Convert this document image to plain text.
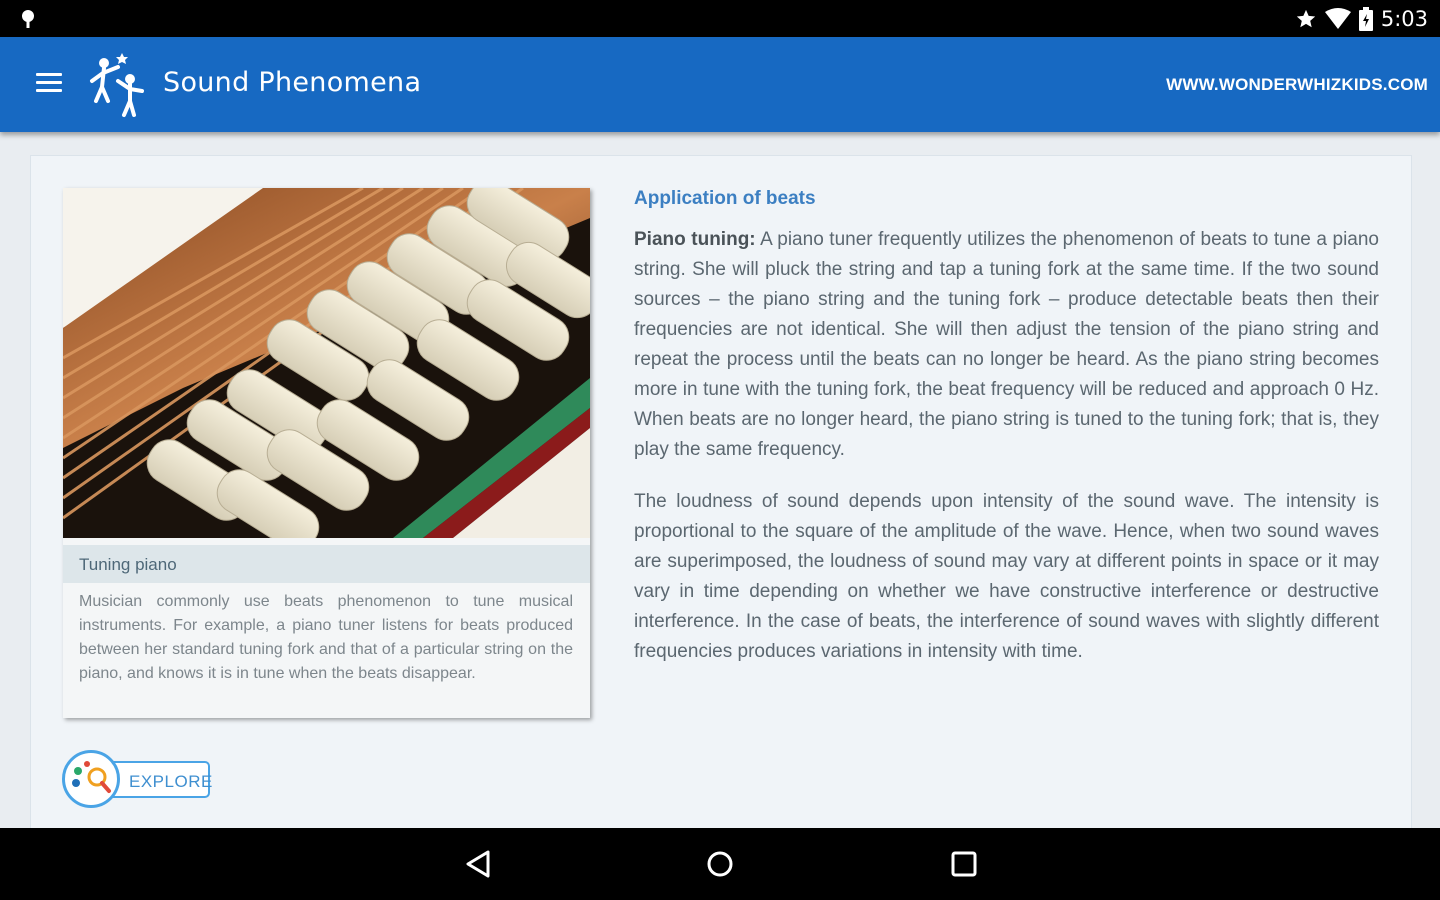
5:03
Sound Phenomena	WWW.WONDERWHIZKIDS.COM
Tuning piano
Musician commonly use beats phenomenon to tune musical instruments. For example, a piano tuner listens for beats produced between her standard tuning fork and that of a particular string on the piano, and knows it is in tune when the beats disappear.
EXPLORE
Application of beats

Piano tuning: A piano tuner frequently utilizes the phenomenon of beats to tune a piano string. She will pluck the string and tap a tuning fork at the same time. If the two sound sources – the piano string and the tuning fork – produce detectable beats then their frequencies are not identical. She will then adjust the tension of the piano string and repeat the process until the beats can no longer be heard. As the piano string becomes more in tune with the tuning fork, the beat frequency will be reduced and approach 0 Hz. When beats are no longer heard, the piano string is tuned to the tuning fork; that is, they play the same frequency.

The loudness of sound depends upon intensity of the sound wave. The intensity is proportional to the square of the amplitude of the wave. Hence, when two sound waves are superimposed, the loudness of sound may vary at different points in space or it may vary in time depending on whether we have constructive interference or destructive interference. In the case of beats, the interference of sound waves with slightly different frequencies produces variations in intensity with time.
